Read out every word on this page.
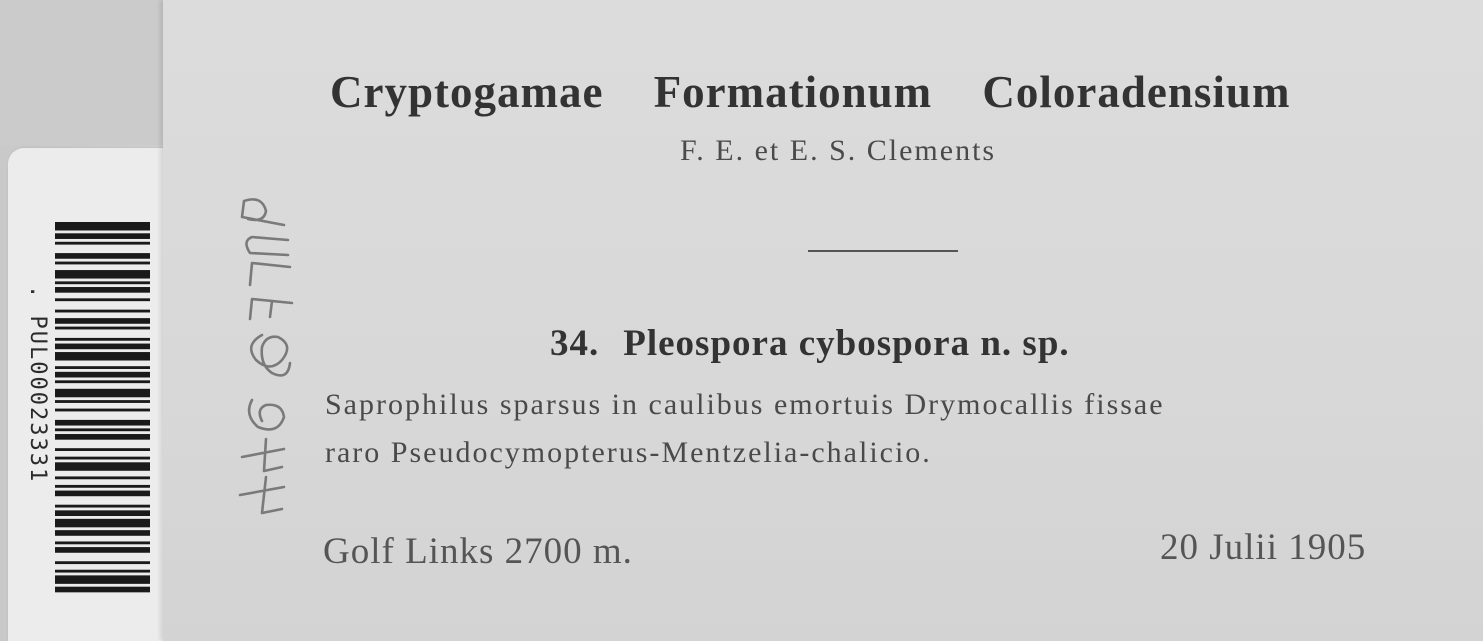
. PUL00023331
Cryptogamae Formationum Coloradensium
F. E. et E. S. Clements
34. Pleospora cybospora n. sp.
Saprophilus sparsus in caulibus emortuis Drymocallis fissae
raro Pseudocymopterus-Mentzelia-chalicio.
Golf Links 2700 m.	20 Julii 1905
